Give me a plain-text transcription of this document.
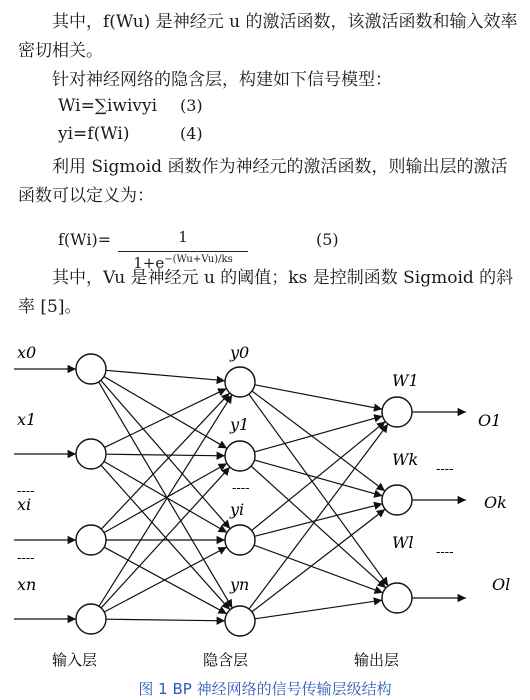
其中，f(Wu) 是神经元 u 的激活函数，该激活函数和输入效率密切相关。
针对神经网络的隐含层，构建如下信号模型：
Wi=∑iwivyi (3)
yi=f(Wi)	(4)
利用 Sigmoid 函数作为神经元的激活函数，则输出层的激活函数可以定义为：
f(Wi)=	1
$1+e^{-(Wu+Vu)/ks}$
(5)
其中，Vu 是神经元 u 的阈值；ks 是控制函数 Sigmoid 的斜率 [5]。
x0
x1
----
xi
----
xn
y0
y1
----
yi
yn
W1
Wk
----
Wl
----
O1
Ok
Ol
输入层	隐含层	输出层
图 1 BP 神经网络的信号传输层级结构
